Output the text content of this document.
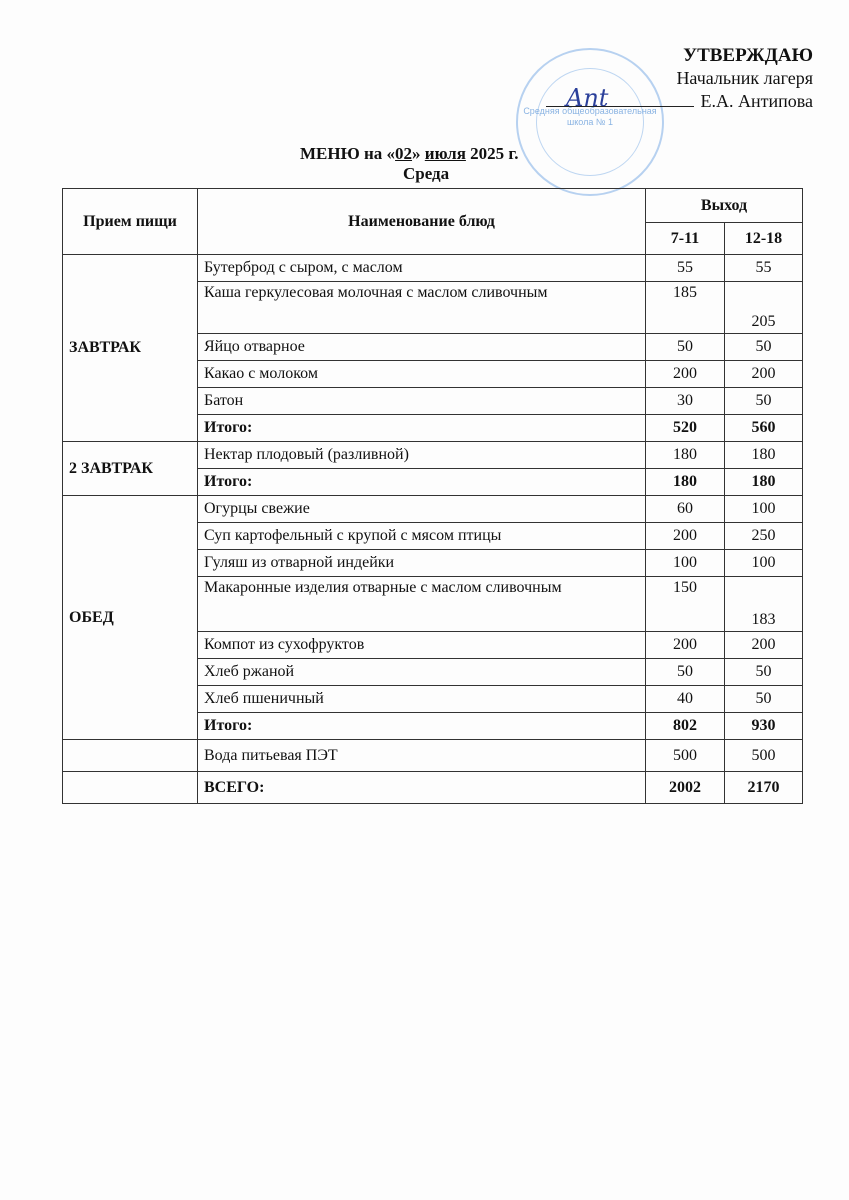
Средняя общеобразовательная школа № 1
Ant
УТВЕРЖДАЮ
Начальник лагеря
Е.А. Антипова
МЕНЮ на «02» июля 2025 г.
Среда
Прием пищи	Наименование блюд	Выход	
		7-11	12-18
ЗАВТРАК	Бутерброд с сыром, с маслом	55	55
	Каша геркулесовая молочная с маслом сливочным	185	205
	Яйцо отварное	50	50
	Какао с молоком	200	200
	Батон	30	50
	Итого:	520	560
2 ЗАВТРАК	Нектар плодовый (разливной)	180	180
	Итого:	180	180
ОБЕД	Огурцы свежие	60	100
	Суп картофельный с крупой с мясом птицы	200	250
	Гуляш из отварной индейки	100	100
	Макаронные изделия отварные с маслом сливочным	150	183
	Компот из сухофруктов	200	200
	Хлеб ржаной	50	50
	Хлеб пшеничный	40	50
	Итого:	802	930
	Вода питьевая ПЭТ	500	500
	ВСЕГО:	2002	2170
